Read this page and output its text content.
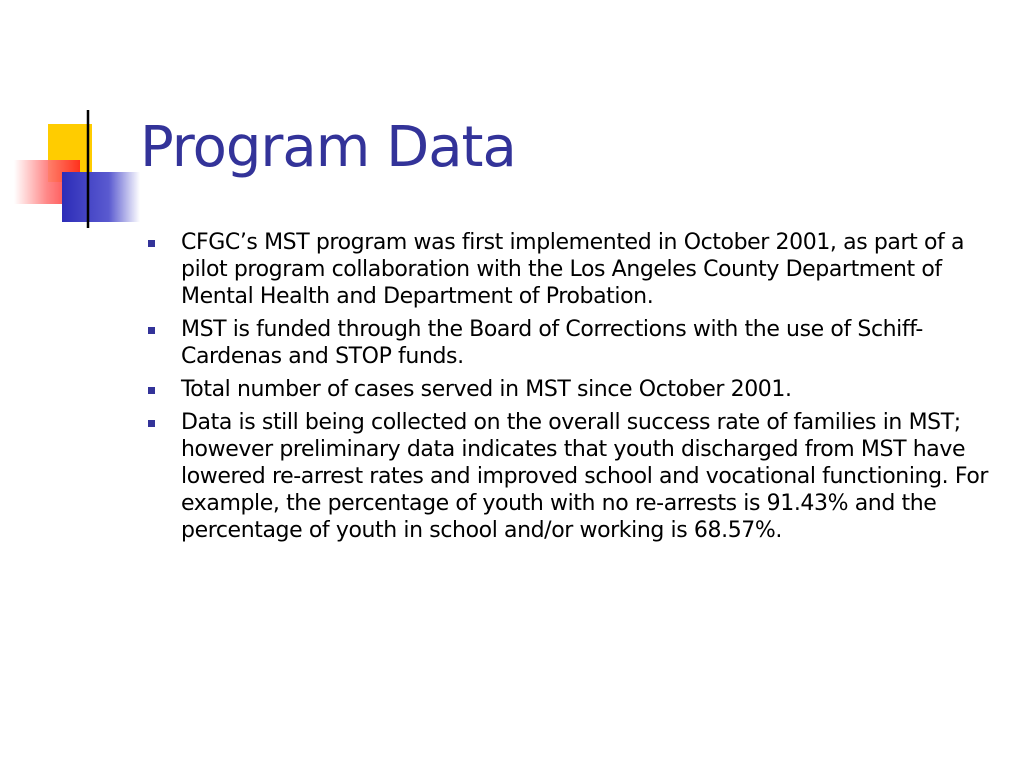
Program Data
CFGC’s MST program was first implemented in October 2001, as part of a pilot program collaboration with the Los Angeles County Department of Mental Health and Department of Probation.
MST is funded through the Board of Corrections with the use of Schiff-Cardenas and STOP funds.
Total number of cases served in MST since October 2001.
Data is still being collected on the overall success rate of families in MST; however preliminary data indicates that youth discharged from MST have lowered re-arrest rates and improved school and vocational functioning. For example, the percentage of youth with no re-arrests is 91.43% and the percentage of youth in school and/or working is 68.57%.
